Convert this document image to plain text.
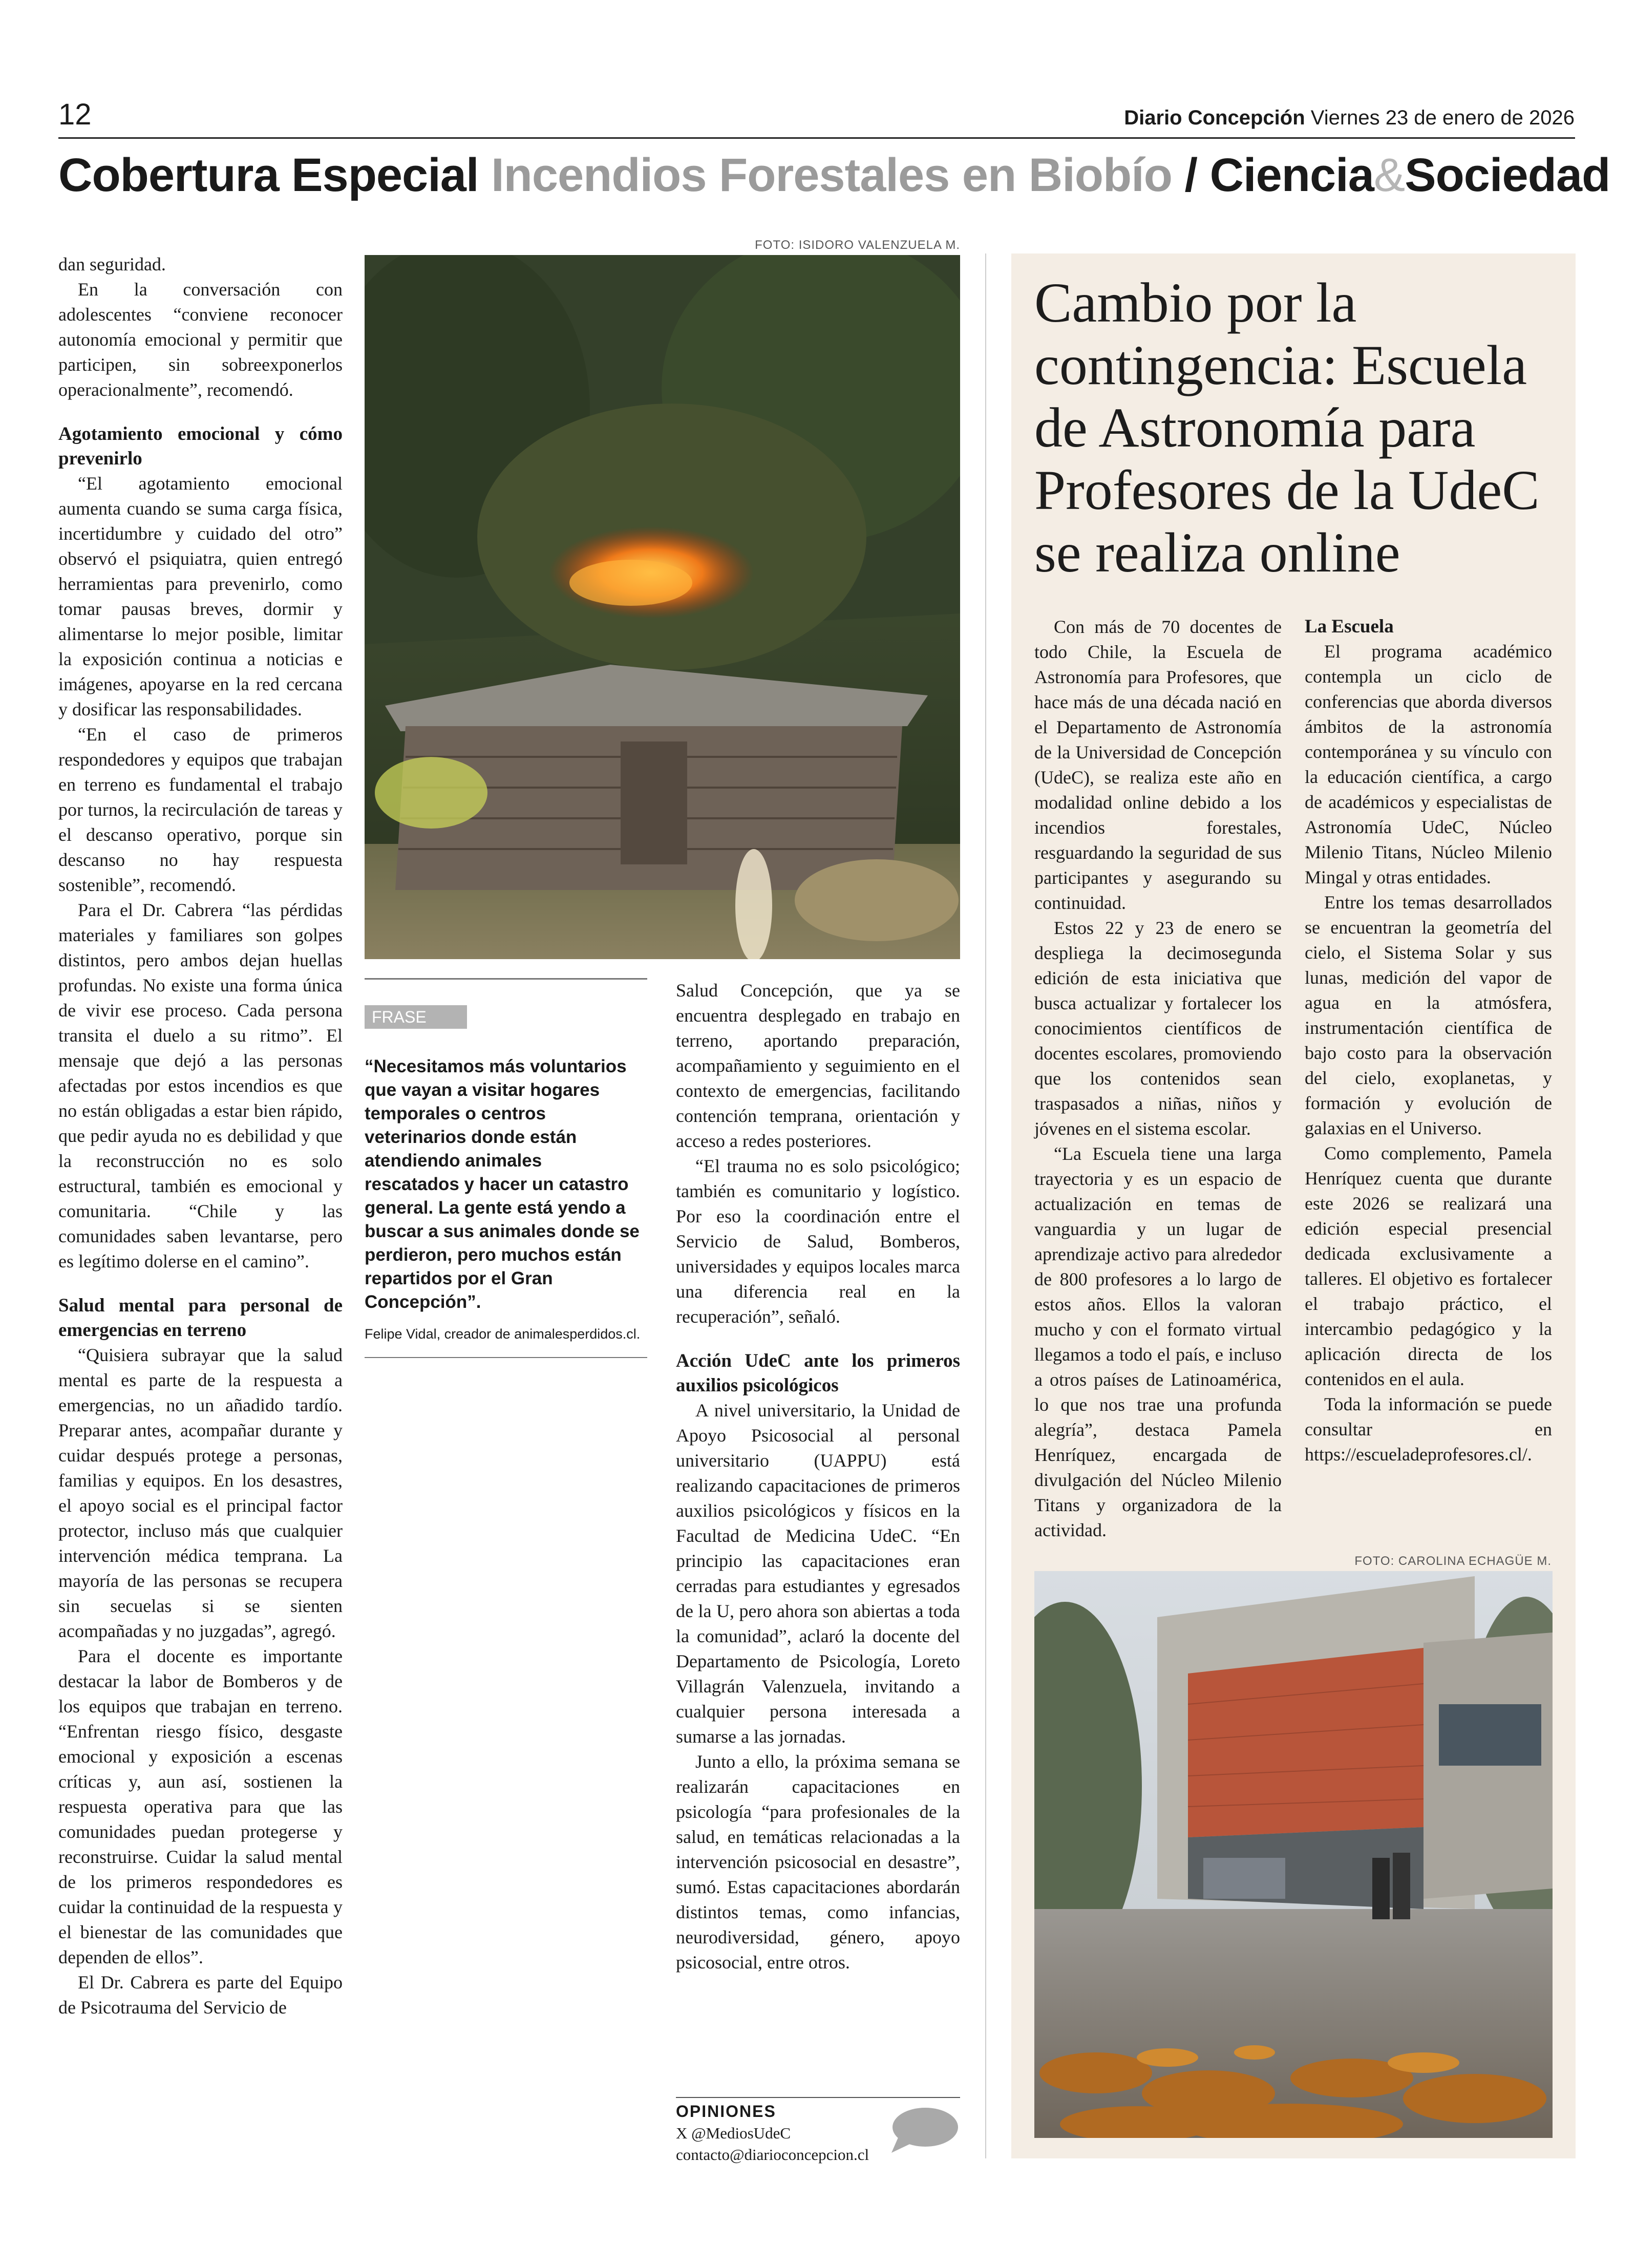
12	Diario Concepción Viernes 23 de enero de 2026
Cobertura Especial Incendios Forestales en Biobío / Ciencia&Sociedad

dan seguridad.

En la conversación con adolescentes “conviene reconocer autonomía emocional y permitir que participen, sin sobreexponerlos operacionalmente”, recomendó.

Agotamiento emocional y cómo prevenirlo

“El agotamiento emocional aumenta cuando se suma carga física, incertidumbre y cuidado del otro” observó el psiquiatra, quien entregó herramientas para prevenirlo, como tomar pausas breves, dormir y alimentarse lo mejor posible, limitar la exposición continua a noticias e imágenes, apoyarse en la red cercana y dosificar las responsabilidades.

“En el caso de primeros respondedores y equipos que trabajan en terreno es fundamental el trabajo por turnos, la recirculación de tareas y el descanso operativo, porque sin descanso no hay respuesta sostenible”, recomendó.

Para el Dr. Cabrera “las pérdidas materiales y familiares son golpes distintos, pero ambos dejan huellas profundas. No existe una forma única de vivir ese proceso. Cada persona transita el duelo a su ritmo”. El mensaje que dejó a las personas afectadas por estos incendios es que no están obligadas a estar bien rápido, que pedir ayuda no es debilidad y que la reconstrucción no es solo estructural, también es emocional y comunitaria. “Chile y las comunidades saben levantarse, pero es legítimo dolerse en el camino”.

Salud mental para personal de emergencias en terreno

“Quisiera subrayar que la salud mental es parte de la respuesta a emergencias, no un añadido tardío. Preparar antes, acompañar durante y cuidar después protege a personas, familias y equipos. En los desastres, el apoyo social es el principal factor protector, incluso más que cualquier intervención médica temprana. La mayoría de las personas se recupera sin secuelas si se sienten acompañadas y no juzgadas”, agregó.

Para el docente es importante destacar la labor de Bomberos y de los equipos que trabajan en terreno. “Enfrentan riesgo físico, desgaste emocional y exposición a escenas críticas y, aun así, sostienen la respuesta operativa para que las comunidades puedan protegerse y reconstruirse. Cuidar la salud mental de los primeros respondedores es cuidar la continuidad de la respuesta y el bienestar de las comunidades que dependen de ellos”.

El Dr. Cabrera es parte del Equipo de Psicotrauma del Servicio de

FOTO: ISIDORO VALENZUELA M.
FRASE
“Necesitamos más voluntarios que vayan a visitar hogares temporales o centros veterinarios donde están atendiendo animales rescatados y hacer un catastro general. La gente está yendo a buscar a sus animales donde se perdieron, pero muchos están repartidos por el Gran Concepción”.
Felipe Vidal, creador de animalesperdidos.cl.

Salud Concepción, que ya se encuentra desplegado en trabajo en terreno, aportando preparación, acompañamiento y seguimiento en el contexto de emergencias, facilitando contención temprana, orientación y acceso a redes posteriores.

“El trauma no es solo psicológico; también es comunitario y logístico. Por eso la coordinación entre el Servicio de Salud, Bomberos, universidades y equipos locales marca una diferencia real en la recuperación”, señaló.

Acción UdeC ante los primeros auxilios psicológicos

A nivel universitario, la Unidad de Apoyo Psicosocial al personal universitario (UAPPU) está realizando capacitaciones de primeros auxilios psicológicos y físicos en la Facultad de Medicina UdeC. “En principio las capacitaciones eran cerradas para estudiantes y egresados de la U, pero ahora son abiertas a toda la comunidad”, aclaró la docente del Departamento de Psicología, Loreto Villagrán Valenzuela, invitando a cualquier persona interesada a sumarse a las jornadas.

Junto a ello, la próxima semana se realizarán capacitaciones en psicología “para profesionales de la salud, en temáticas relacionadas a la intervención psicosocial en desastre”, sumó. Estas capacitaciones abordarán distintos temas, como infancias, neurodiversidad, género, apoyo psicosocial, entre otros.

OPINIONES
X @MediosUdeC
contacto@diarioconcepcion.cl
Cambio por la contingencia: Escuela de Astronomía para Profesores de la UdeC se realiza online

Con más de 70 docentes de todo Chile, la Escuela de Astronomía para Profesores, que hace más de una década nació en el Departamento de Astronomía de la Universidad de Concepción (UdeC), se realiza este año en modalidad online debido a los incendios forestales, resguardando la seguridad de sus participantes y asegurando su continuidad.

Estos 22 y 23 de enero se despliega la decimosegunda edición de esta iniciativa que busca actualizar y fortalecer los conocimientos científicos de docentes escolares, promoviendo que los contenidos sean traspasados a niñas, niños y jóvenes en el sistema escolar.

“La Escuela tiene una larga trayectoria y es un espacio de actualización en temas de vanguardia y un lugar de aprendizaje activo para alrededor de 800 profesores a lo largo de estos años. Ellos la valoran mucho y con el formato virtual llegamos a todo el país, e incluso a otros países de Latinoamérica, lo que nos trae una profunda alegría”, destaca Pamela Henríquez, encargada de divulgación del Núcleo Milenio Titans y organizadora de la actividad.

La Escuela

El programa académico contempla un ciclo de conferencias que aborda diversos ámbitos de la astronomía contemporánea y su vínculo con la educación científica, a cargo de académicos y especialistas de Astronomía UdeC, Núcleo Milenio Titans, Núcleo Milenio Mingal y otras entidades.

Entre los temas desarrollados se encuentran la geometría del cielo, el Sistema Solar y sus lunas, medición del vapor de agua en la atmósfera, instrumentación científica de bajo costo para la observación del cielo, exoplanetas, y formación y evolución de galaxias en el Universo.

Como complemento, Pamela Henríquez cuenta que durante este 2026 se realizará una edición especial presencial dedicada exclusivamente a talleres. El objetivo es fortalecer el trabajo práctico, el intercambio pedagógico y la aplicación directa de los contenidos en el aula.

Toda la información se puede consultar en https://escueladeprofesores.cl/.

FOTO: CAROLINA ECHAGÜE M.
